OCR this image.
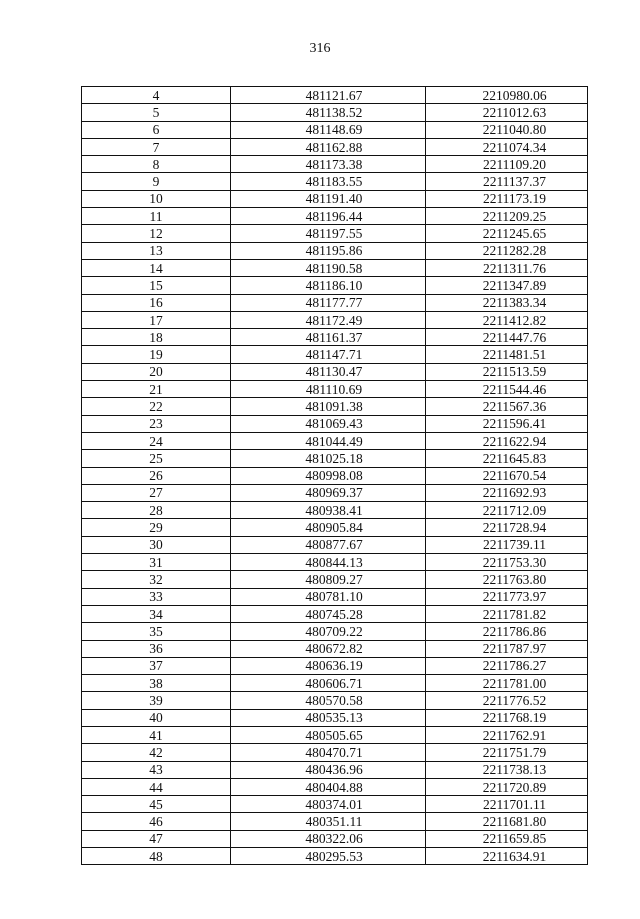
316
4	481121.67	2210980.06
5	481138.52	2211012.63
6	481148.69	2211040.80
7	481162.88	2211074.34
8	481173.38	2211109.20
9	481183.55	2211137.37
10	481191.40	2211173.19
11	481196.44	2211209.25
12	481197.55	2211245.65
13	481195.86	2211282.28
14	481190.58	2211311.76
15	481186.10	2211347.89
16	481177.77	2211383.34
17	481172.49	2211412.82
18	481161.37	2211447.76
19	481147.71	2211481.51
20	481130.47	2211513.59
21	481110.69	2211544.46
22	481091.38	2211567.36
23	481069.43	2211596.41
24	481044.49	2211622.94
25	481025.18	2211645.83
26	480998.08	2211670.54
27	480969.37	2211692.93
28	480938.41	2211712.09
29	480905.84	2211728.94
30	480877.67	2211739.11
31	480844.13	2211753.30
32	480809.27	2211763.80
33	480781.10	2211773.97
34	480745.28	2211781.82
35	480709.22	2211786.86
36	480672.82	2211787.97
37	480636.19	2211786.27
38	480606.71	2211781.00
39	480570.58	2211776.52
40	480535.13	2211768.19
41	480505.65	2211762.91
42	480470.71	2211751.79
43	480436.96	2211738.13
44	480404.88	2211720.89
45	480374.01	2211701.11
46	480351.11	2211681.80
47	480322.06	2211659.85
48	480295.53	2211634.91
